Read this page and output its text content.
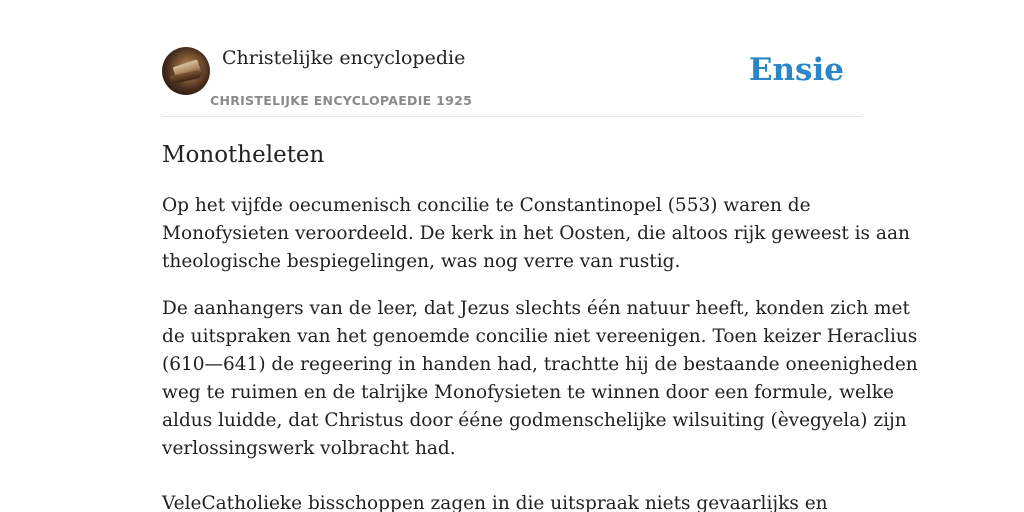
Christelijke encyclopedie
CHRISTELIJKE ENCYCLOPAEDIE 1925
Ensie
Monotheleten

Op het vijfde oecumenisch concilie te Constantinopel (553) waren de
Monofysieten veroordeeld. De kerk in het Oosten, die altoos rijk geweest is aan
theologische bespiegelingen, was nog verre van rustig.

De aanhangers van de leer, dat Jezus slechts één natuur heeft, konden zich met
de uitspraken van het genoemde concilie niet vereenigen. Toen keizer Heraclius
(610—641) de regeering in handen had, trachtte hij de bestaande oneenigheden
weg te ruimen en de talrijke Monofysieten te winnen door een formule, welke
aldus luidde, dat Christus door ééne godmenschelijke wilsuiting (èvegyela) zijn
verlossingswerk volbracht had.

VeleCatholieke bisschoppen zagen in die uitspraak niets gevaarlijks en
